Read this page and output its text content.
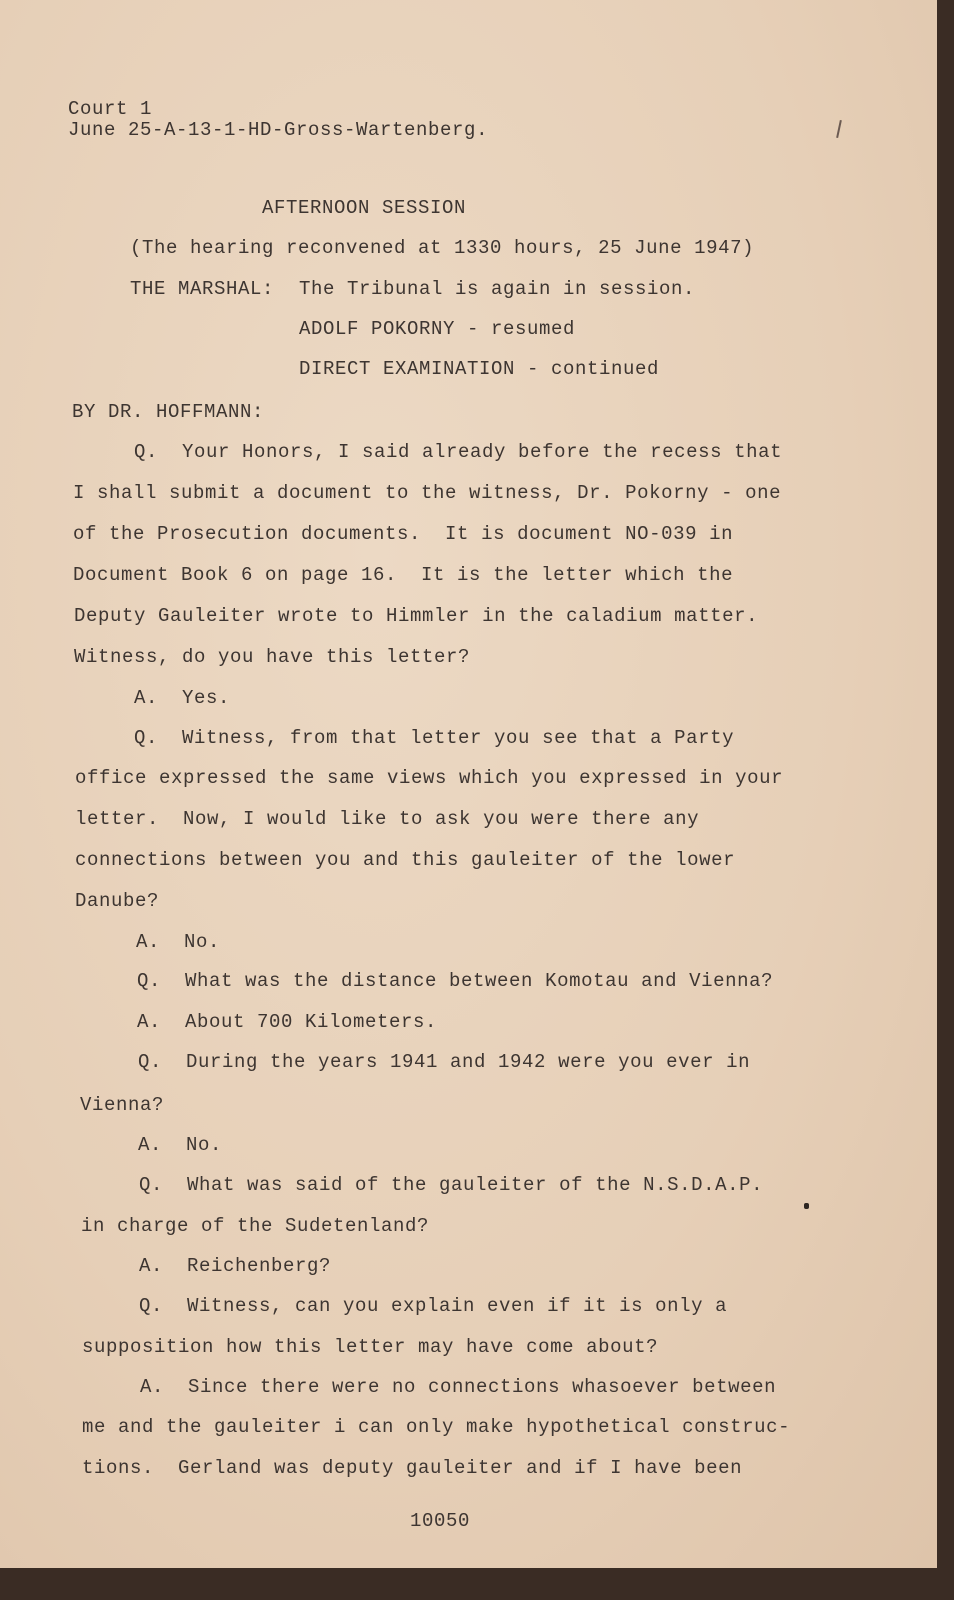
Court 1
June 25-A-13-1-HD-Gross-Wartenberg.
AFTERNOON SESSION
(The hearing reconvened at 1330 hours, 25 June 1947)
THE MARSHAL: The Tribunal is again in session.
ADOLF POKORNY - resumed
DIRECT EXAMINATION - continued
BY DR. HOFFMANN:
Q.  Your Honors, I said already before the recess that
I shall submit a document to the witness, Dr. Pokorny - one
of the Prosecution documents.  It is document NO-039 in
Document Book 6 on page 16.  It is the letter which the
Deputy Gauleiter wrote to Himmler in the caladium matter.
Witness, do you have this letter?
A.  Yes.
Q.  Witness, from that letter you see that a Party
office expressed the same views which you expressed in your
letter.  Now, I would like to ask you were there any
connections between you and this gauleiter of the lower
Danube?
A.  No.
Q.  What was the distance between Komotau and Vienna?
A.  About 700 Kilometers.
Q.  During the years 1941 and 1942 were you ever in
Vienna?
A.  No.
Q.  What was said of the gauleiter of the N.S.D.A.P.
in charge of the Sudetenland?
A.  Reichenberg?
Q.  Witness, can you explain even if it is only a
supposition how this letter may have come about?
A.  Since there were no connections whasoever between
me and the gauleiter i can only make hypothetical construc-
tions.  Gerland was deputy gauleiter and if I have been
10050
